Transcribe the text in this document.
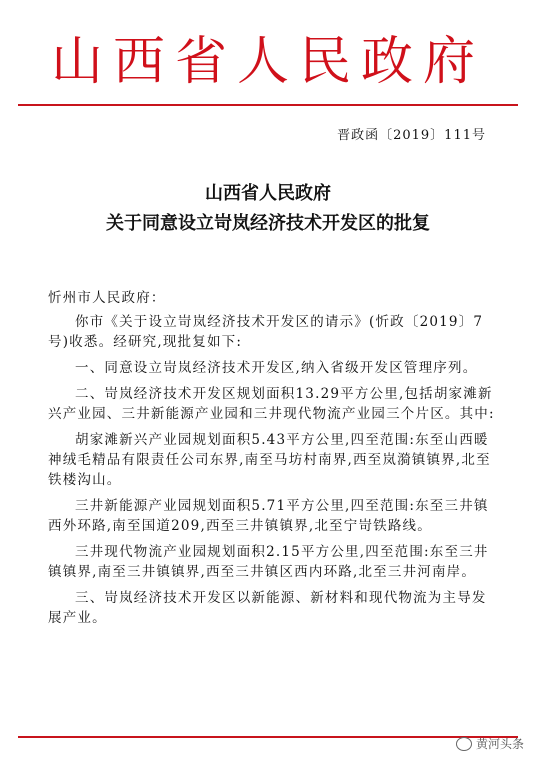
山西省人民政府
晋政函〔2019〕111号
山西省人民政府
关于同意设立岢岚经济技术开发区的批复

忻州市人民政府：

你市《关于设立岢岚经济技术开发区的请示》(忻政〔2019〕7号)收悉。经研究,现批复如下:

一、同意设立岢岚经济技术开发区,纳入省级开发区管理序列。

二、岢岚经济技术开发区规划面积13.29平方公里,包括胡家滩新兴产业园、三井新能源产业园和三井现代物流产业园三个片区。其中:

胡家滩新兴产业园规划面积5.43平方公里,四至范围:东至山西暖神绒毛精品有限责任公司东界,南至马坊村南界,西至岚漪镇镇界,北至铁楼沟山。

三井新能源产业园规划面积5.71平方公里,四至范围:东至三井镇西外环路,南至国道209,西至三井镇镇界,北至宁岢铁路线。

三井现代物流产业园规划面积2.15平方公里,四至范围:东至三井镇镇界,南至三井镇镇界,西至三井镇区西内环路,北至三井河南岸。

三、岢岚经济技术开发区以新能源、新材料和现代物流为主导发展产业。

黄河头条
